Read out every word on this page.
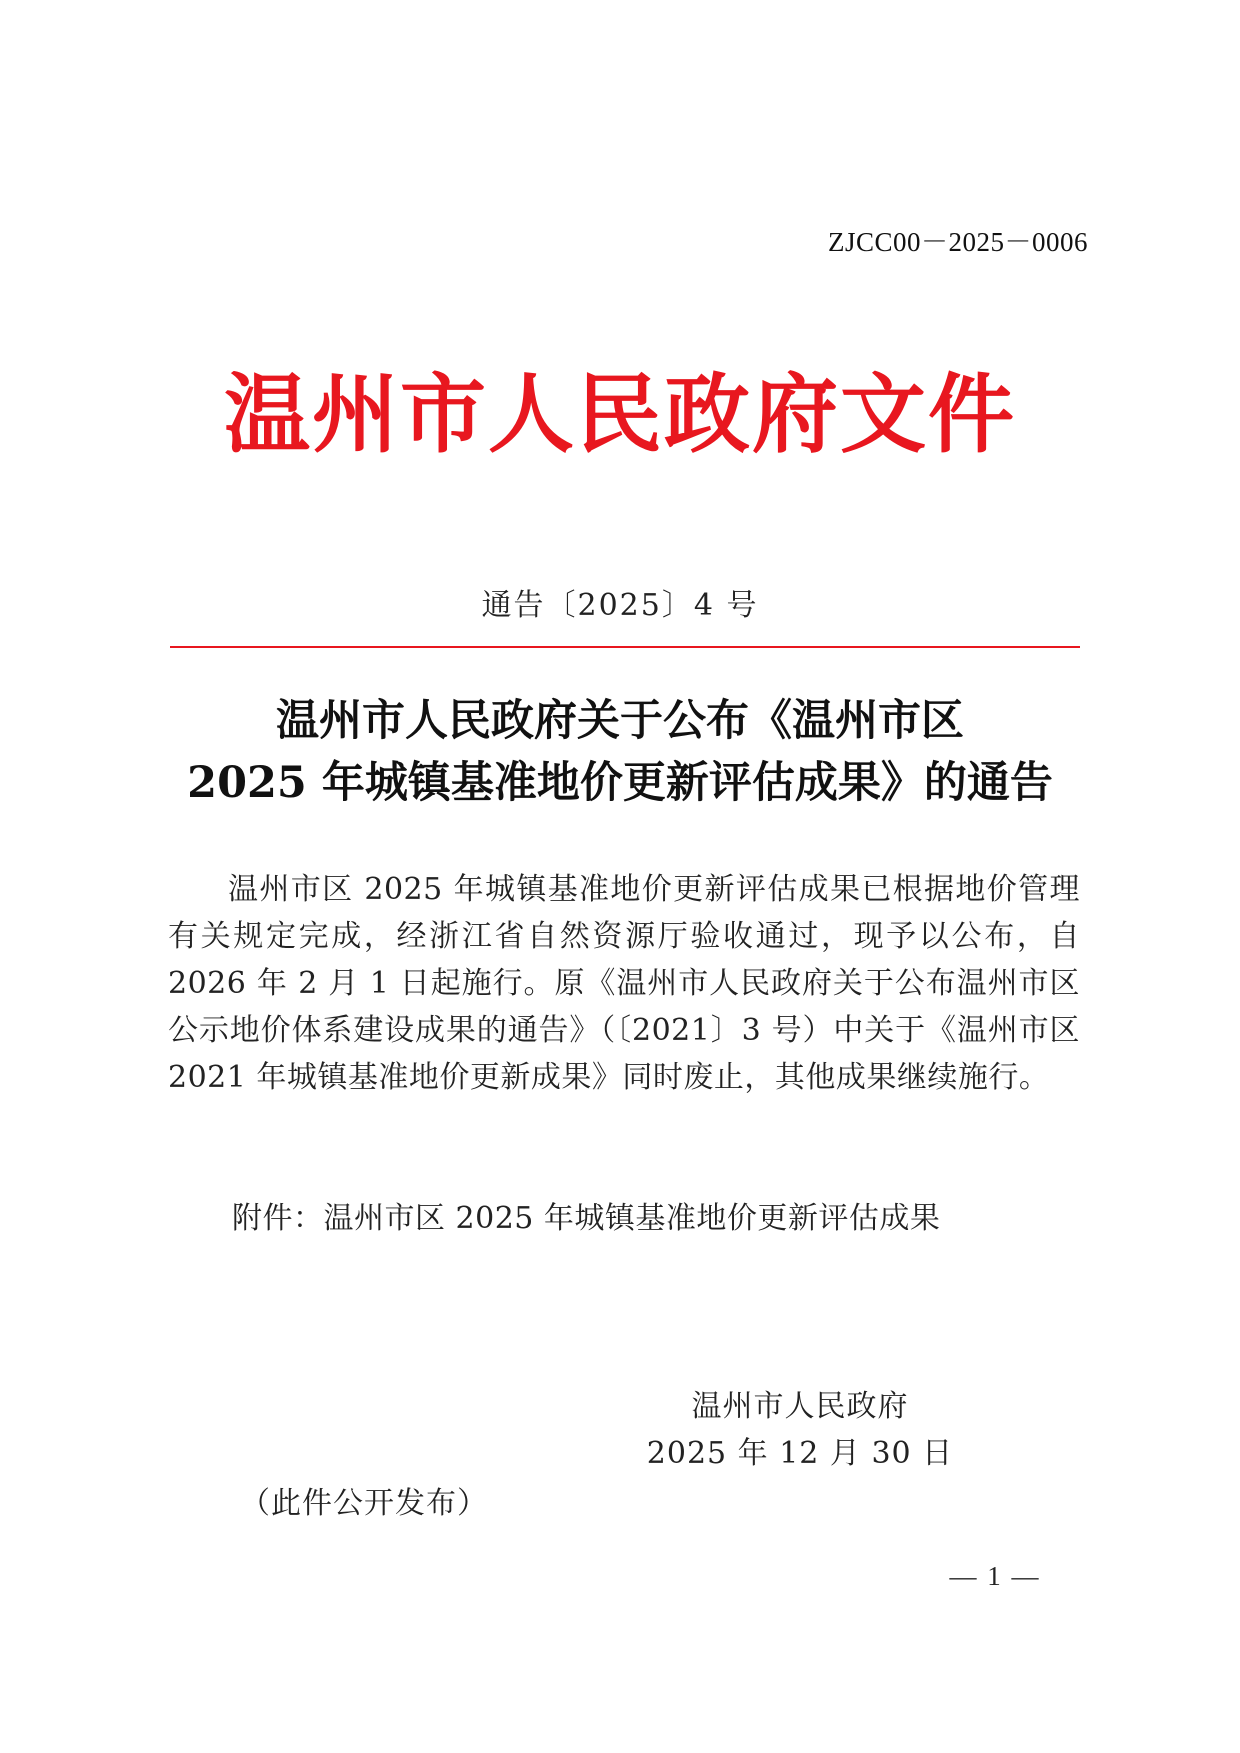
ZJCC00－2025－0006
温州市人民政府文件
通告〔2025〕4 号
温州市人民政府关于公布《温州市区
2025 年城镇基准地价更新评估成果》的通告
温州市区 2025 年城镇基准地价更新评估成果已根据地价管理有关规定完成，经浙江省自然资源厅验收通过，现予以公布，自 2026 年 2 月 1 日起施行。原《温州市人民政府关于公布温州市区公示地价体系建设成果的通告》（〔2021〕3 号）中关于《温州市区 2021 年城镇基准地价更新成果》同时废止，其他成果继续施行。
附件：温州市区 2025 年城镇基准地价更新评估成果
温州市人民政府
2025 年 12 月 30 日
（此件公开发布）
— 1 —
